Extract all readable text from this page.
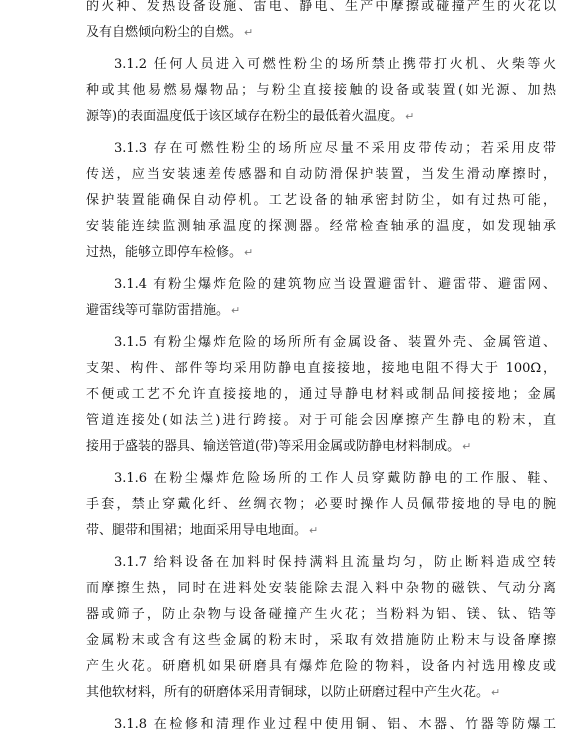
的火种、发热设备设施、雷电、静电、生产中摩擦或碰撞产生的火花以
及有自燃倾向粉尘的自燃。 ↵
3.1.2 任何人员进入可燃性粉尘的场所禁止携带打火机、火柴等火
种或其他易燃易爆物品；与粉尘直接接触的设备或装置(如光源、加热
源等)的表面温度低于该区域存在粉尘的最低着火温度。 ↵
3.1.3 存在可燃性粉尘的场所应尽量不采用皮带传动；若采用皮带
传送，应当安装速差传感器和自动防滑保护装置，当发生滑动摩擦时，
保护装置能确保自动停机。工艺设备的轴承密封防尘，如有过热可能，
安装能连续监测轴承温度的探测器。经常检查轴承的温度，如发现轴承
过热，能够立即停车检修。 ↵
3.1.4 有粉尘爆炸危险的建筑物应当设置避雷针、避雷带、避雷网、
避雷线等可靠防雷措施。 ↵
3.1.5 有粉尘爆炸危险的场所所有金属设备、装置外壳、金属管道、
支架、构件、部件等均采用防静电直接接地，接地电阻不得大于 100Ω，
不便或工艺不允许直接接地的，通过导静电材料或制品间接接地；金属
管道连接处(如法兰)进行跨接。对于可能会因摩擦产生静电的粉末，直
接用于盛装的器具、输送管道(带)等采用金属或防静电材料制成。 ↵
3.1.6 在粉尘爆炸危险场所的工作人员穿戴防静电的工作服、鞋、
手套，禁止穿戴化纤、丝绸衣物；必要时操作人员佩带接地的导电的腕
带、腿带和围裙；地面采用导电地面。 ↵
3.1.7 给料设备在加料时保持满料且流量均匀，防止断料造成空转
而摩擦生热，同时在进料处安装能除去混入料中杂物的磁铁、气动分离
器或筛子，防止杂物与设备碰撞产生火花；当粉料为铝、镁、钛、锆等
金属粉末或含有这些金属的粉末时，采取有效措施防止粉末与设备摩擦
产生火花。研磨机如果研磨具有爆炸危险的物料，设备内衬选用橡皮或
其他软材料，所有的研磨体采用青铜球，以防止研磨过程中产生火花。 ↵
3.1.8 在检修和清理作业过程中使用铜、铝、木器、竹器等防爆工
